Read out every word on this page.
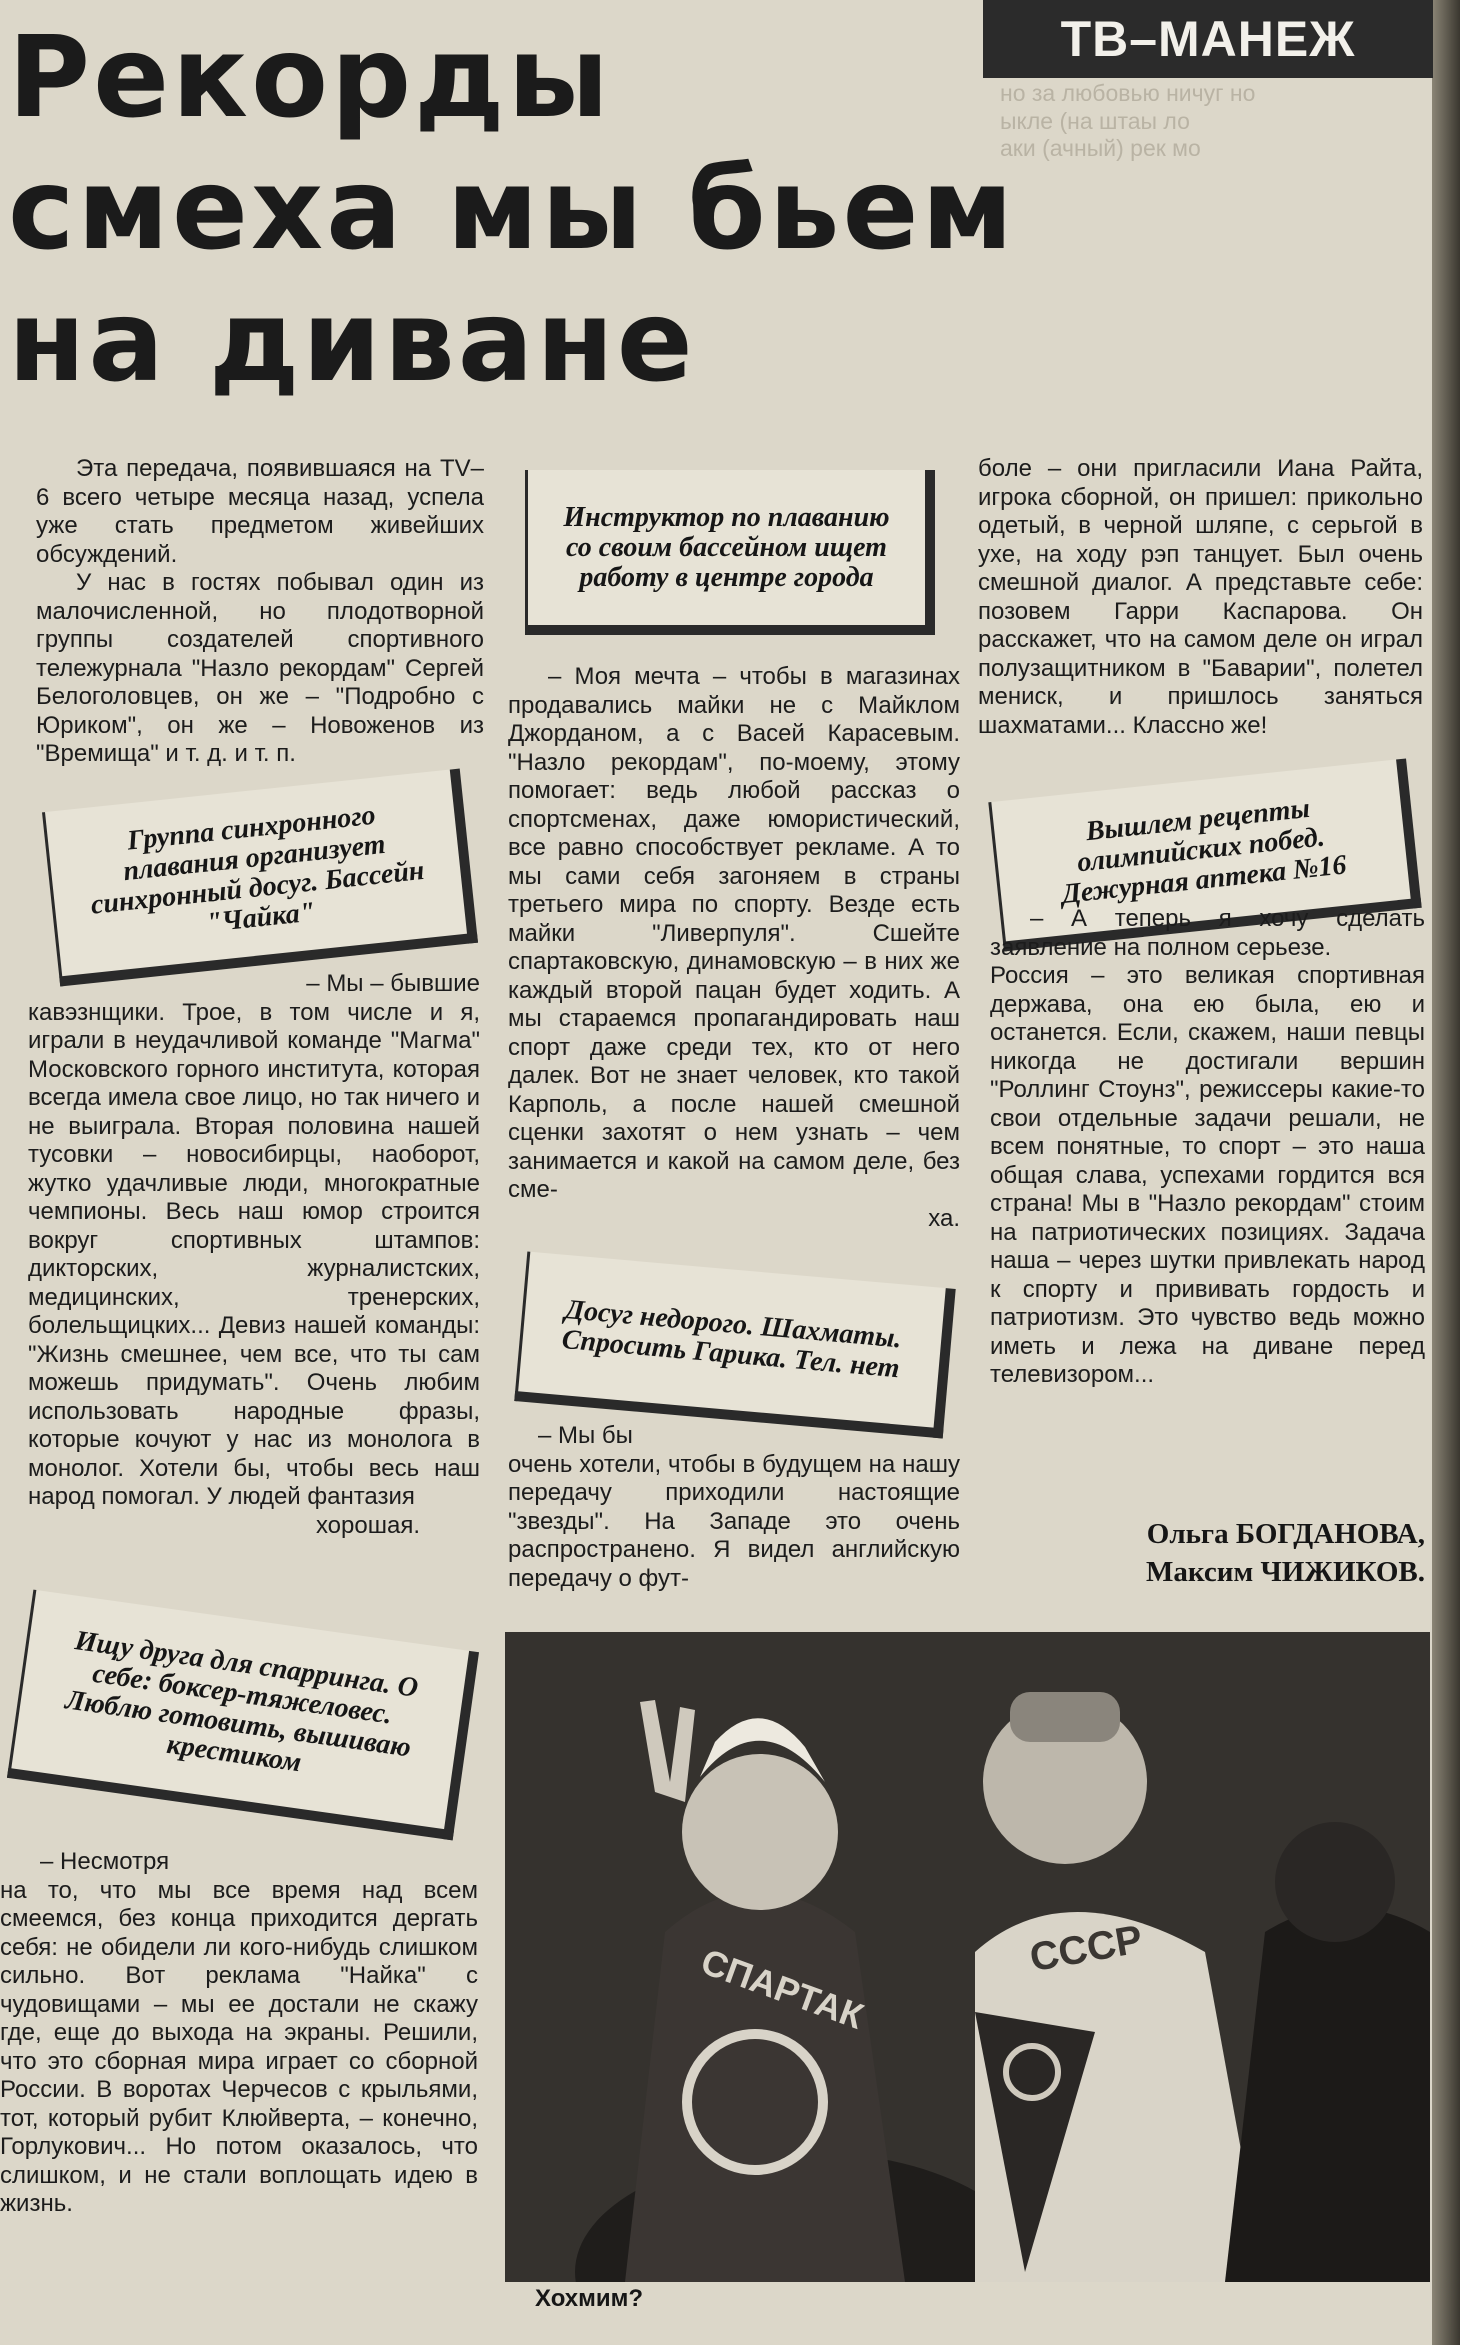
но за любовью ничуг но
ыкле (на штаы ло
аки (ачный) рек мо
ТВ–МАНЕЖ
Рекорды
смеха мы бьем
на диване

Эта передача, появившаяся на TV–6 всего четыре месяца назад, успела уже стать предметом живейших обсуждений.

У нас в гостях побывал один из малочисленной, но плодотворной группы создателей спортивного тележурнала "Назло рекордам" Сергей Белоголовцев, он же – "Подробно с Юриком", он же – Новоженов из "Времища" и т. д. и т. п.

Группа синхронного плавания организует синхронный досуг. Бассейн "Чайка"

– Мы – бывшие

кавэзнщики. Трое, в том числе и я, играли в неудачливой команде "Магма" Московского горного института, которая всегда имела свое лицо, но так ничего и не выиграла. Вторая половина нашей тусовки – новосибирцы, наоборот, жутко удачливые люди, многократные чемпионы. Весь наш юмор строится вокруг спортивных штампов: дикторских, журналистских, медицинских, тренерских, болельщицких... Девиз нашей команды: "Жизнь смешнее, чем все, что ты сам можешь придумать". Очень любим использовать народные фразы, которые кочуют у нас из монолога в монолог. Хотели бы, чтобы весь наш народ помогал. У людей фантазия

хорошая.

Ищу друга для спарринга. О себе: боксер-тяжеловес. Люблю готовить, вышиваю крестиком

– Несмотря

на то, что мы все время над всем смеемся, без конца приходится дергать себя: не обидели ли кого-нибудь слишком сильно. Вот реклама "Найка" с чудовищами – мы ее достали не скажу где, еще до выхода на экраны. Решили, что это сборная мира играет со сборной России. В воротах Черчесов с крыльями, тот, который рубит Клюйверта, – конечно, Горлукович... Но потом оказалось, что слишком, и не стали воплощать идею в жизнь.

Инструктор по плаванию со своим бассейном ищет работу в центре города

– Моя мечта – чтобы в магазинах продавались майки не с Майклом Джорданом, а с Васей Карасевым. "Назло рекордам", по-моему, этому помогает: ведь любой рассказ о спортсменах, даже юмористический, все равно способствует рекламе. А то мы сами себя загоняем в страны третьего мира по спорту. Везде есть майки "Ливерпуля". Сшейте спартаковскую, динамовскую – в них же каждый второй пацан будет ходить. А мы стараемся пропагандировать наш спорт даже среди тех, кто от него далек. Вот не знает человек, кто такой Карполь, а после нашей смешной сценки захотят о нем узнать – чем занимается и какой на самом деле, без сме-

ха.

Досуг недорого. Шахматы. Спросить Гарика. Тел. нет

– Мы бы

очень хотели, чтобы в будущем на нашу передачу приходили настоящие "звезды". На Западе это очень распространено. Я видел английскую передачу о фут-

боле – они пригласили Иана Райта, игрока сборной, он пришел: прикольно одетый, в черной шляпе, с серьгой в ухе, на ходу рэп танцует. Был очень смешной диалог. А представьте себе: позовем Гарри Каспарова. Он расскажет, что на самом деле он играл полузащитником в "Баварии", полетел мениск, и пришлось заняться шахматами... Классно же!

Вышлем рецепты олимпийских побед. Дежурная аптека №16

– А теперь я хочу сделать заявление на полном серьезе.

Россия – это великая спортивная держава, она ею была, ею и останется. Если, скажем, наши певцы никогда не достигали вершин "Роллинг Стоунз", режиссеры какие-то свои отдельные задачи решали, не всем понятные, то спорт – это наша общая слава, успехами гордится вся страна! Мы в "Назло рекордам" стоим на патриотических позициях. Задача наша – через шутки привлекать народ к спорту и прививать гордость и патриотизм. Это чувство ведь можно иметь и лежа на диване перед телевизором...

Ольга БОГДАНОВА,
Максим ЧИЖИКОВ.
СПАРТАК	СССР
Хохмим?
